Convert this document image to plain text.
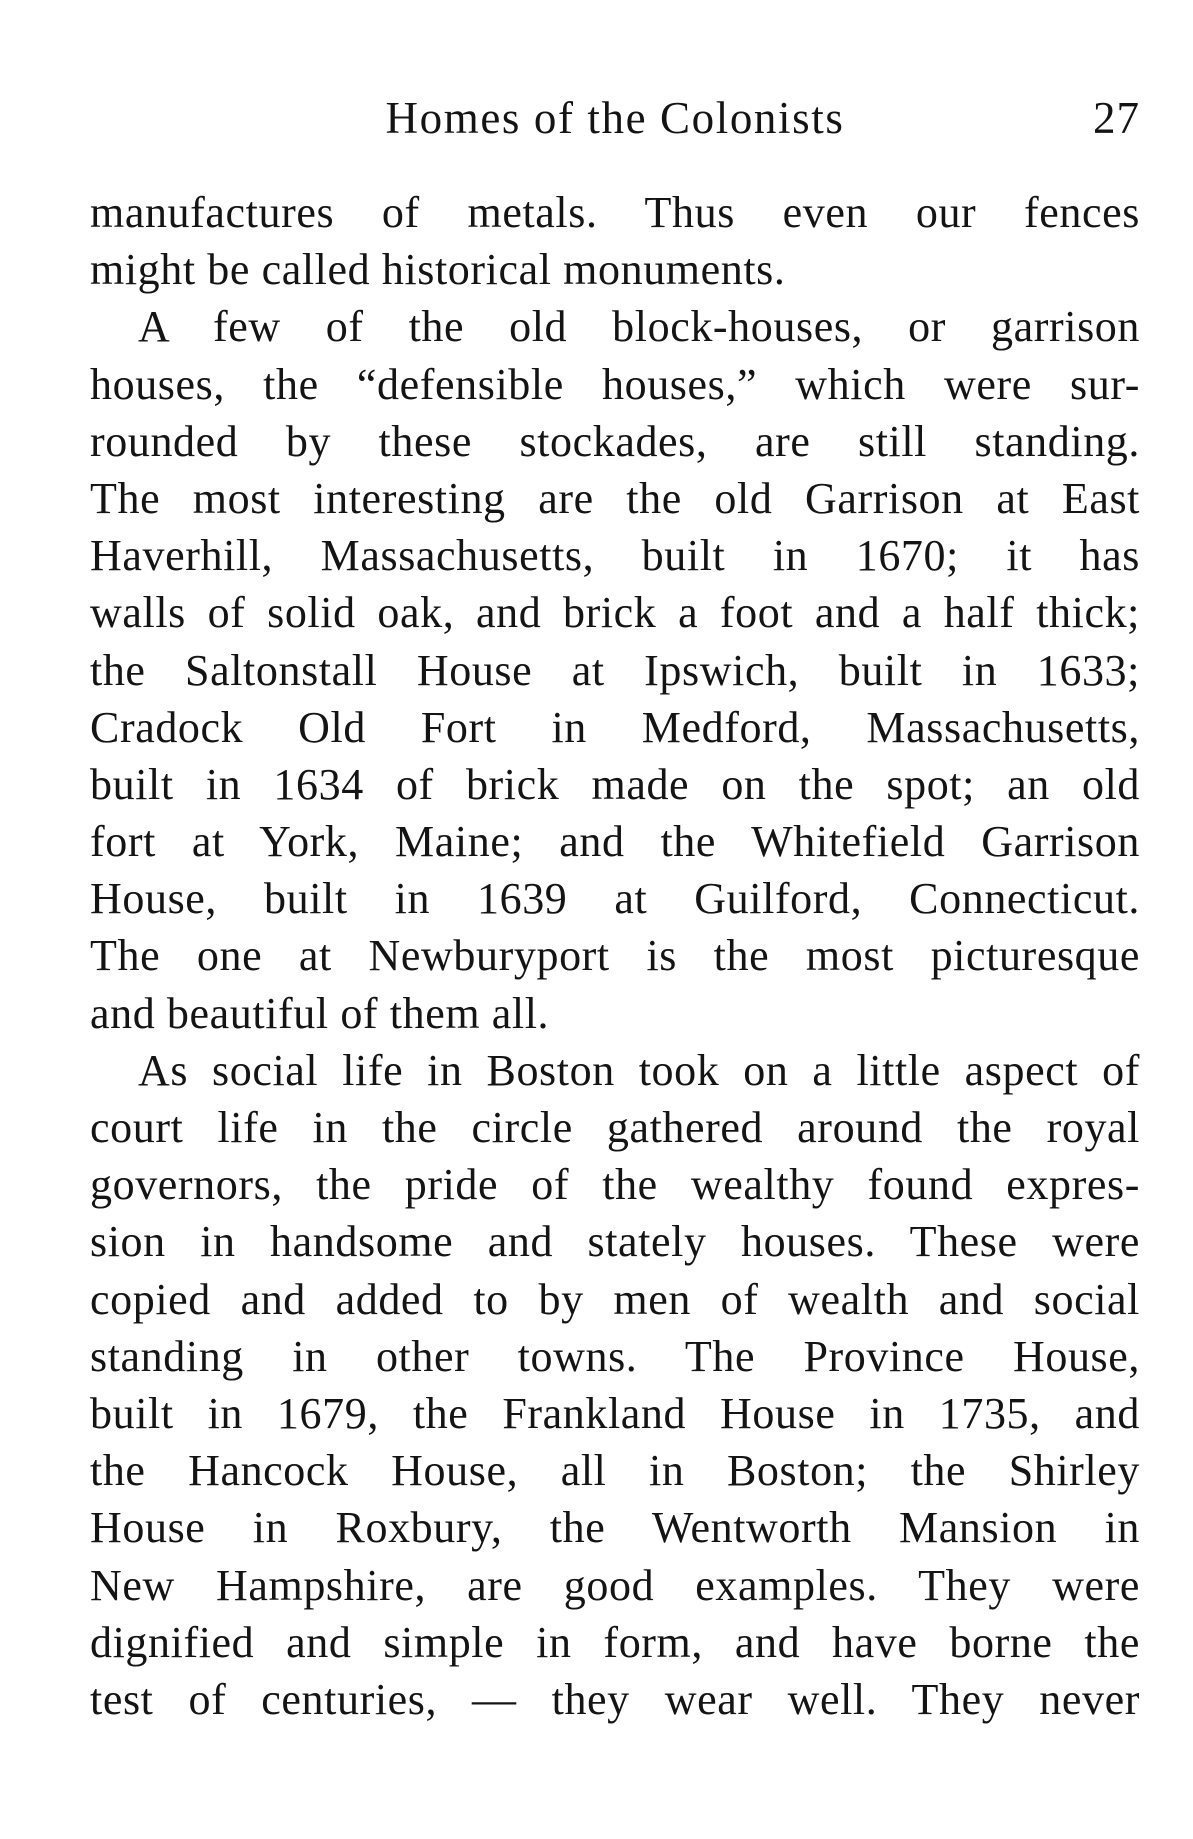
Homes of the Colonists	27
manufactures of metals. Thus even our fences
might be called historical monuments.
A few of the old block-houses, or garrison
houses, the “defensible houses,” which were sur-
rounded by these stockades, are still standing.
The most interesting are the old Garrison at East
Haverhill, Massachusetts, built in 1670; it has
walls of solid oak, and brick a foot and a half thick;
the Saltonstall House at Ipswich, built in 1633;
Cradock Old Fort in Medford, Massachusetts,
built in 1634 of brick made on the spot; an old
fort at York, Maine; and the Whitefield Garrison
House, built in 1639 at Guilford, Connecticut.
The one at Newburyport is the most picturesque
and beautiful of them all.
As social life in Boston took on a little aspect of
court life in the circle gathered around the royal
governors, the pride of the wealthy found expres-
sion in handsome and stately houses. These were
copied and added to by men of wealth and social
standing in other towns. The Province House,
built in 1679, the Frankland House in 1735, and
the Hancock House, all in Boston; the Shirley
House in Roxbury, the Wentworth Mansion in
New Hampshire, are good examples. They were
dignified and simple in form, and have borne the
test of centuries, — they wear well. They never
